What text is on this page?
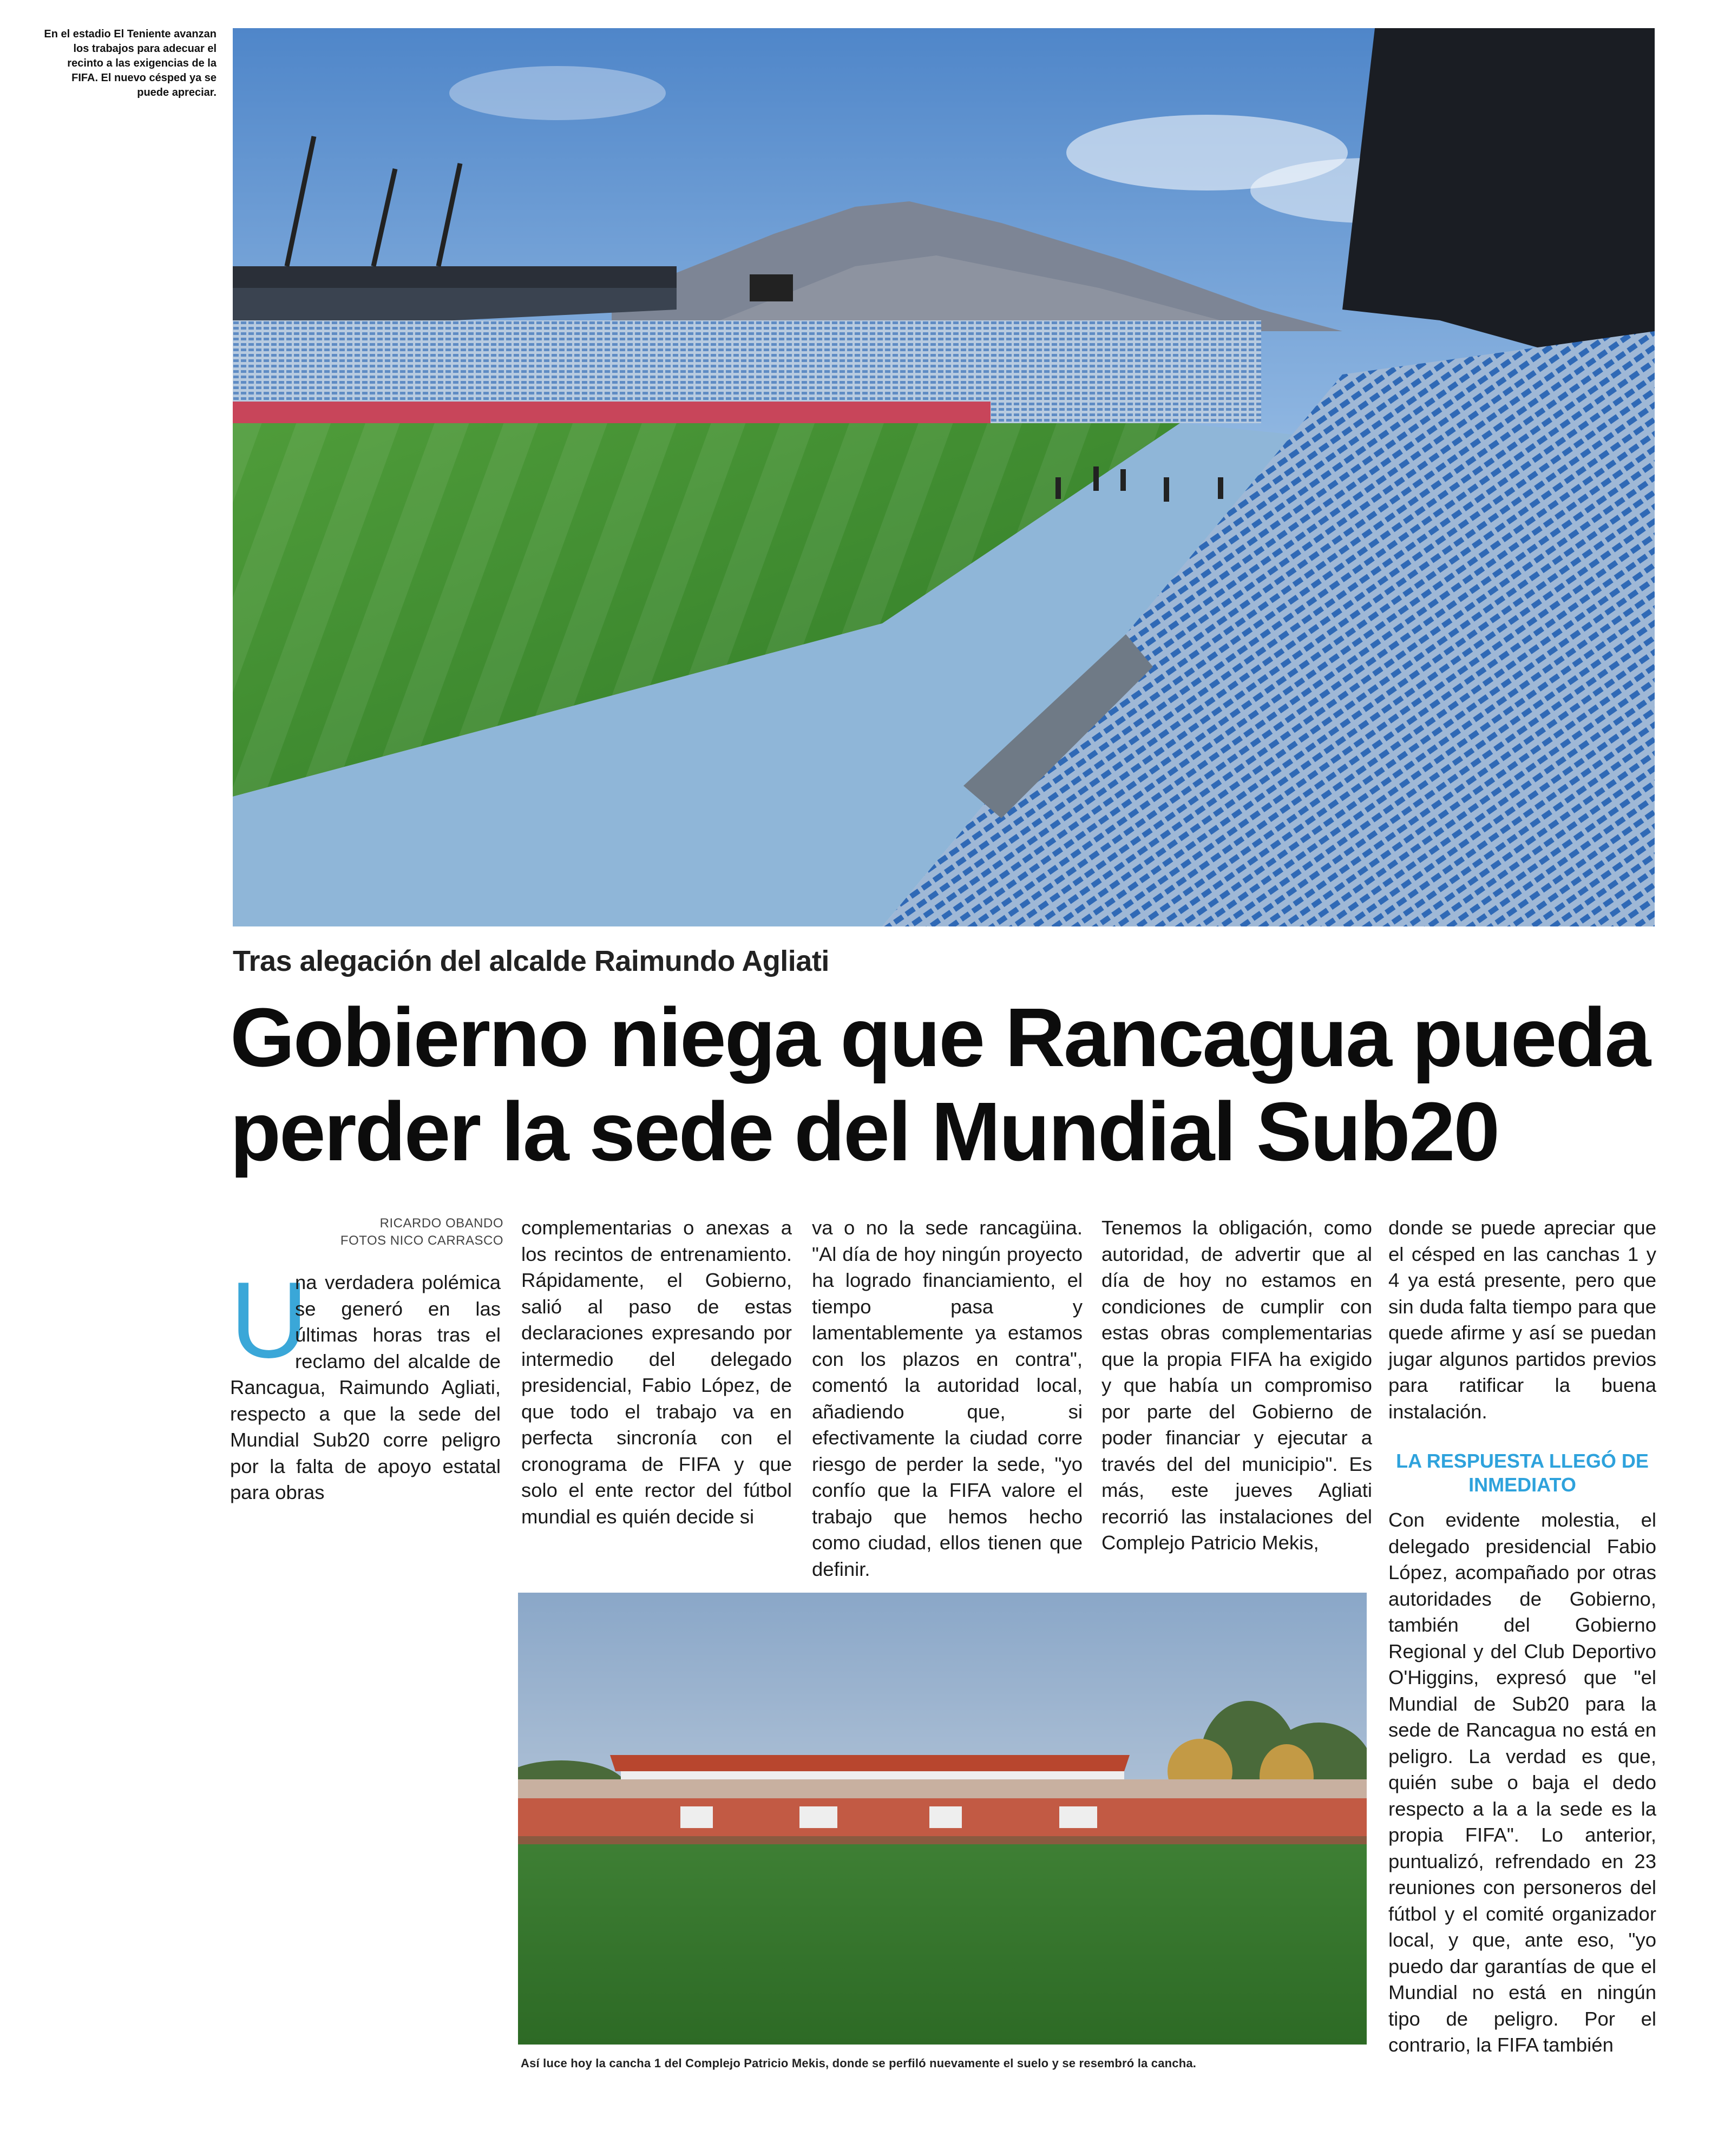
En el estadio El Teniente avanzan los trabajos para adecuar el recinto a las exigencias de la FIFA. El nuevo césped ya se puede apreciar.
Tras alegación del alcalde Raimundo Agliati
Gobierno niega que Rancagua pueda perder la sede del Mundial Sub20
RICARDO OBANDO
FOTOS NICO CARRASCO
U

na verdadera polémica se generó en las últimas horas tras el reclamo del alcalde de Rancagua, Raimundo Agliati, respecto a que la sede del Mundial Sub20 corre peligro por la falta de apoyo estatal para obras

complementarias o anexas a los recintos de entrenamiento. Rápidamente, el Gobierno, salió al paso de estas declaraciones expresando por intermedio del delegado presidencial, Fabio López, de que todo el trabajo va en perfecta sincronía con el cronograma de FIFA y que solo el ente rector del fútbol mundial es quién decide si

va o no la sede rancagüina. "Al día de hoy ningún proyecto ha logrado financiamiento, el tiempo pasa y lamentablemente ya estamos con los plazos en contra", comentó la autoridad local, añadiendo que, si efectivamente la ciudad corre riesgo de perder la sede, "yo confío que la FIFA valore el trabajo que hemos hecho como ciudad, ellos tienen que definir.

Tenemos la obligación, como autoridad, de advertir que al día de hoy no estamos en condiciones de cumplir con estas obras complementarias que la propia FIFA ha exigido y que había un compromiso por parte del Gobierno de poder financiar y ejecutar a través del del municipio". Es más, este jueves Agliati recorrió las instalaciones del Complejo Patricio Mekis,

donde se puede apreciar que el césped en las canchas 1 y 4 ya está presente, pero que sin duda falta tiempo para que quede afirme y así se puedan jugar algunos partidos previos para ratificar la buena instalación.

LA RESPUESTA LLEGÓ DE INMEDIATO

Con evidente molestia, el delegado presidencial Fabio López, acompañado por otras autoridades de Gobierno, también del Gobierno Regional y del Club Deportivo O'Higgins, expresó que "el Mundial de Sub20 para la sede de Rancagua no está en peligro. La verdad es que, quién sube o baja el dedo respecto a la a la sede es la propia FIFA". Lo anterior, puntualizó, refrendado en 23 reuniones con personeros del fútbol y el comité organizador local, y que, ante eso, "yo puedo dar garantías de que el Mundial no está en ningún tipo de peligro. Por el contrario, la FIFA también

Así luce hoy la cancha 1 del Complejo Patricio Mekis, donde se perfiló nuevamente el suelo y se resembró la cancha.
